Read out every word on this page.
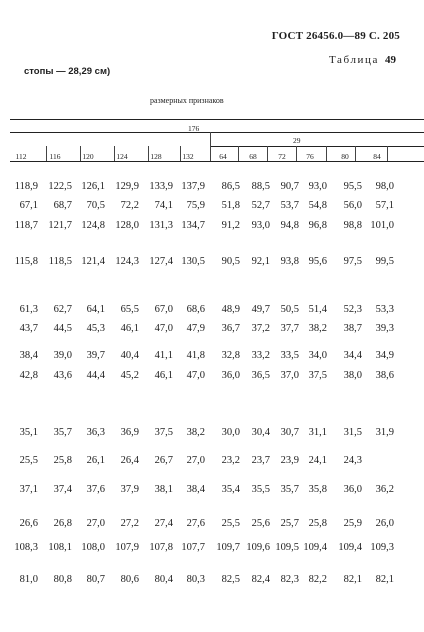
ГОСТ 26456.0—89 С. 205
Таблица 49
стопы — 28,29 см)
размерных признаков
176
29
112	116	120	124	128	132	64	68	72	76	80	84
118,9 122,5 126,1 129,9 133,9 137,9	86,5	88,5	90,7 93,0	95,5	98,0
67,1	68,7	70,5	72,2	74,1	75,9	51,8	52,7	53,7 54,8	56,0	57,1
118,7 121,7 124,8 128,0 131,3 134,7	91,2	93,0	94,8 96,8	98,8 101,0
115,8	118,5 121,4 124,3 127,4 130,5	90,5	92,1	93,8 95,6	97,5	99,5
61,3	62,7	64,1	65,5	67,0	68,6	48,9	49,7	50,5 51,4	52,3	53,3
43,7	44,5	45,3	46,1	47,0	47,9	36,7	37,2	37,7 38,2	38,7	39,3
38,4	39,0	39,7	40,4	41,1	41,8	32,8	33,2	33,5 34,0	34,4	34,9
42,8	43,6	44,4	45,2	46,1	47,0	36,0	36,5	37,0 37,5	38,0	38,6
35,1	35,7	36,3	36,9	37,5	38,2	30,0	30,4	30,7 31,1	31,5	31,9
25,5	25,8	26,1	26,4	26,7	27,0	23,2	23,7	23,9 24,1	24,3
37,1	37,4	37,6	37,9	38,1	38,4	35,4	35,5	35,7 35,8	36,0	36,2
26,6	26,8	27,0	27,2	27,4	27,6	25,5	25,6	25,7 25,8	25,9	26,0
108,3 108,1 108,0 107,9 107,8 107,7	109,7 109,6 109,5 109,4	109,4 109,3
81,0	80,8	80,7	80,6	80,4	80,3	82,5	82,4	82,3 82,2	82,1	82,1
